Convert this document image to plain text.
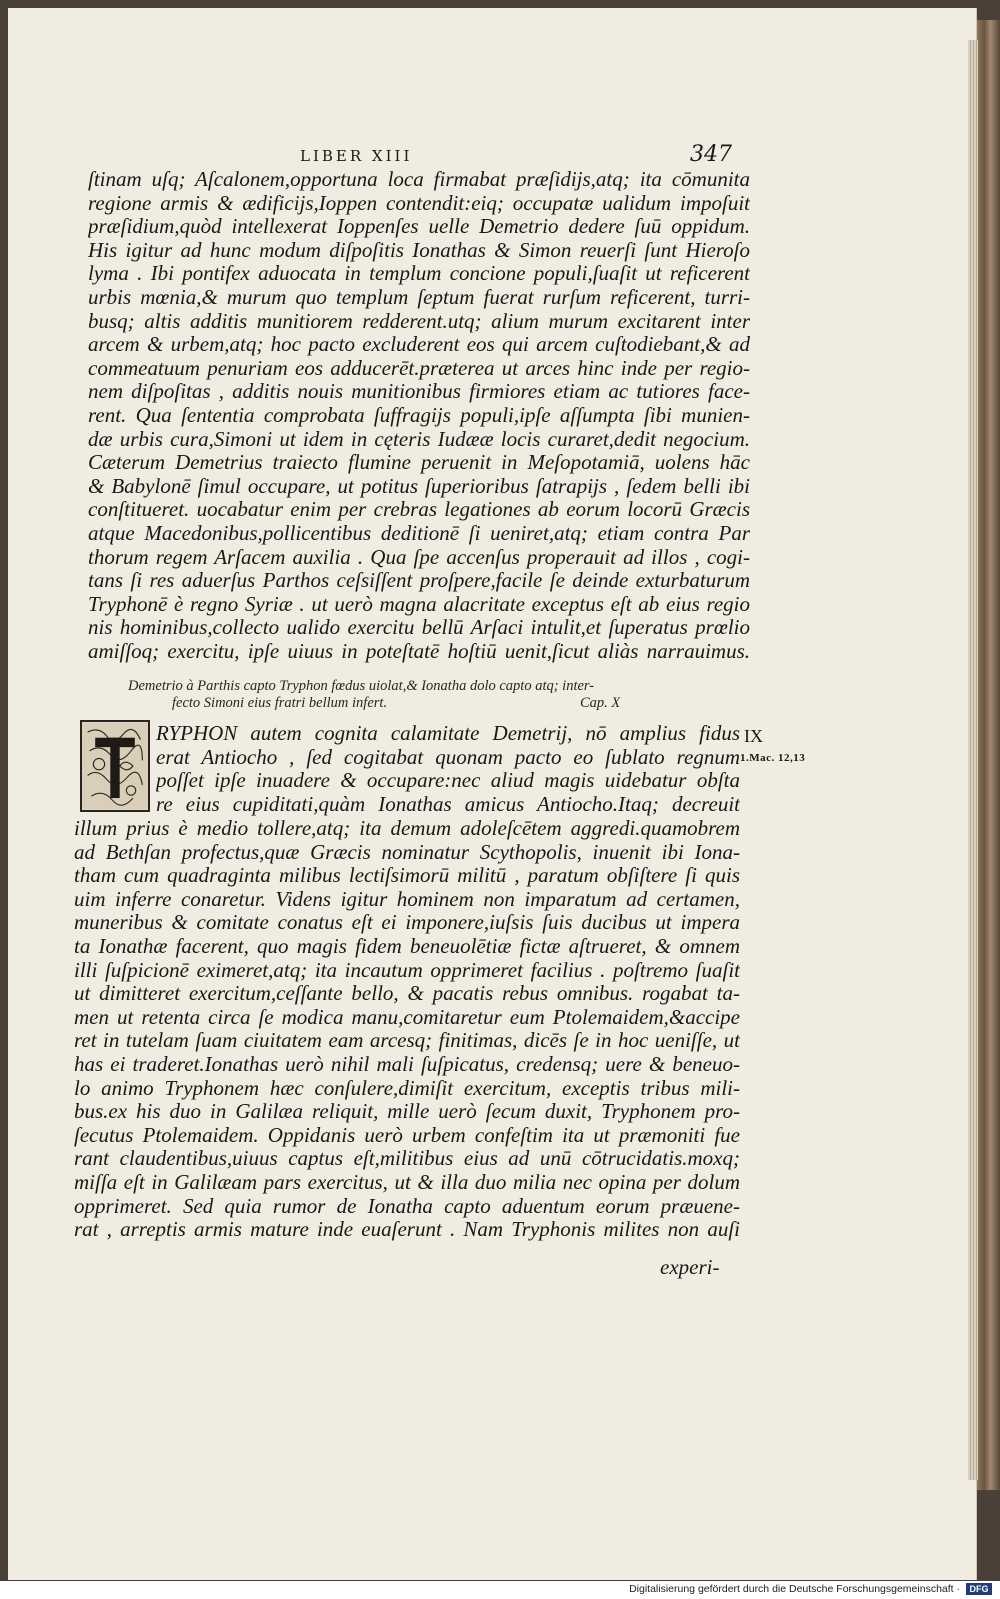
LIBER XIII	347
ſtinam uſq; Aſcalonem,opportuna loca firmabat præſidijs,atq; ita cōmunita
regione armis & ædificijs,Ioppen contendit:eiq; occupatæ ualidum impoſuit
præſidium,quòd intellexerat Ioppenſes uelle Demetrio dedere ſuū oppidum.
His igitur ad hunc modum diſpoſitis Ionathas & Simon reuerſi ſunt Hieroſo
lyma . Ibi pontifex aduocata in templum concione populi,ſuaſit ut reficerent
urbis mœnia,& murum quo templum ſeptum fuerat rurſum reficerent, turri-
busq; altis additis munitiorem redderent.utq; alium murum excitarent inter
arcem & urbem,atq; hoc pacto excluderent eos qui arcem cuſtodiebant,& ad
commeatuum penuriam eos adducerēt.præterea ut arces hinc inde per regio-
nem diſpoſitas , additis nouis munitionibus firmiores etiam ac tutiores face-
rent. Qua ſententia comprobata ſuffragijs populi,ipſe aſſumpta ſibi munien-
dæ urbis cura,Simoni ut idem in cęteris Iudææ locis curaret,dedit negocium.
Cæterum Demetrius traiecto flumine peruenit in Meſopotamiā, uolens hāc
& Babylonē ſimul occupare, ut potitus ſuperioribus ſatrapijs , ſedem belli ibi
conſtitueret. uocabatur enim per crebras legationes ab eorum locorū Græcis
atque Macedonibus,pollicentibus deditionē ſi ueniret,atq; etiam contra Par
thorum regem Arſacem auxilia . Qua ſpe accenſus properauit ad illos , cogi-
tans ſi res aduerſus Parthos ceſsiſſent proſpere,facile ſe deinde exturbaturum
Tryphonē è regno Syriæ . ut uerò magna alacritate exceptus eſt ab eius regio
nis hominibus,collecto ualido exercitu bellū Arſaci intulit,et ſuperatus prœlio
amiſſoq; exercitu, ipſe uiuus in poteſtatē hoſtiū uenit,ſicut aliàs narrauimus.
Demetrio à Parthis capto Tryphon fœdus uiolat,& Ionatha dolo capto atq; inter-
fecto Simoni eius fratri bellum infert.	Cap. X
RYPHON autem cognita calamitate Demetrij, nō amplius fidus
erat Antiocho , ſed cogitabat quonam pacto eo ſublato regnum
poſſet ipſe inuadere & occupare:nec aliud magis uidebatur obſta
re eius cupiditati,quàm Ionathas amicus Antiocho.Itaq; decreuit
illum prius è medio tollere,atq; ita demum adoleſcētem aggredi.quamobrem
ad Bethſan profectus,quæ Græcis nominatur Scythopolis, inuenit ibi Iona-
tham cum quadraginta milibus lectiſsimorū militū , paratum obſiſtere ſi quis
uim inferre conaretur. Videns igitur hominem non imparatum ad certamen,
muneribus & comitate conatus eſt ei imponere,iuſsis ſuis ducibus ut impera
ta Ionathæ facerent, quo magis fidem beneuolētiæ fictæ aſtrueret, & omnem
illi ſuſpicionē eximeret,atq; ita incautum opprimeret facilius . poſtremo ſuaſit
ut dimitteret exercitum,ceſſante bello, & pacatis rebus omnibus. rogabat ta-
men ut retenta circa ſe modica manu,comitaretur eum Ptolemaidem,&accipe
ret in tutelam ſuam ciuitatem eam arcesq; finitimas, dicēs ſe in hoc ueniſſe, ut
has ei traderet.Ionathas uerò nihil mali ſuſpicatus, credensq; uere & beneuo-
lo animo Tryphonem hæc conſulere,dimiſit exercitum, exceptis tribus mili-
bus.ex his duo in Galilæa reliquit, mille uerò ſecum duxit, Tryphonem pro-
ſecutus Ptolemaidem. Oppidanis uerò urbem confeſtim ita ut præmoniti fue
rant claudentibus,uiuus captus eſt,militibus eius ad unū cōtrucidatis.moxq;
miſſa eſt in Galilæam pars exercitus, ut & illa duo milia nec opina per dolum
opprimeret. Sed quia rumor de Ionatha capto aduentum eorum præuene-
rat , arreptis armis mature inde euaſerunt . Nam Tryphonis milites non auſi
experi-
IX
1.Mac. 12,13
Digitalisierung gefördert durch die Deutsche Forschungsgemeinschaft ·	DFG
